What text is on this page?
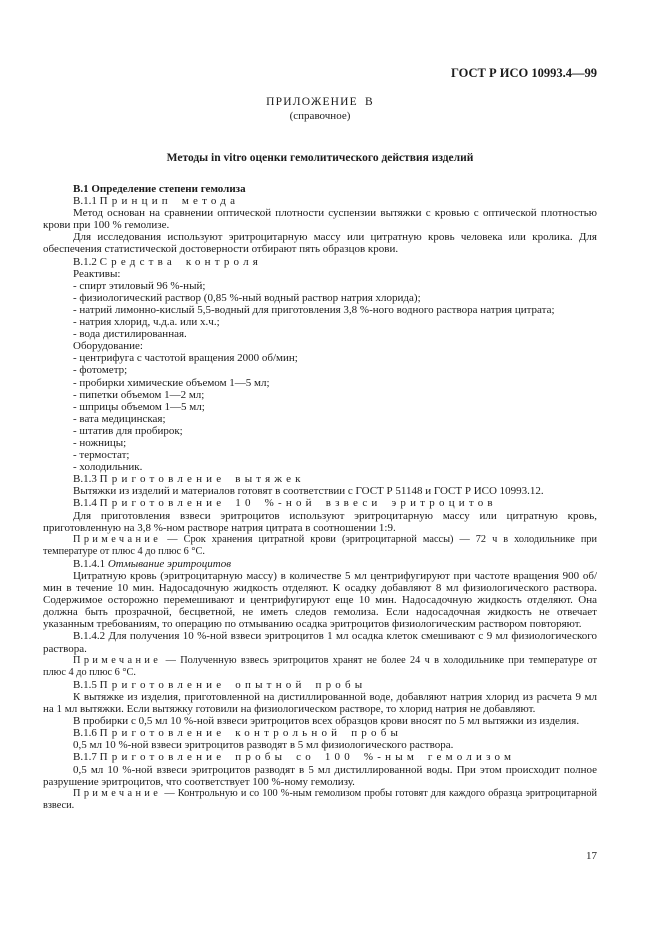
ГОСТ Р ИСО 10993.4—99
ПРИЛОЖЕНИЕ В
(справочное)
Методы in vitro оценки гемолитического действия изделий

В.1 Определение степени гемолиза

В.1.1 Принцип метода

Метод основан на сравнении оптической плотности суспензии вытяжки с кровью с оптической плотностью крови при 100 % гемолизе.

Для исследования используют эритроцитарную массу или цитратную кровь человека или кролика. Для обеспечения статистической достоверности отбирают пять образцов крови.

В.1.2 Средства контроля

Реактивы:

- спирт этиловый 96 %-ный;

- физиологический раствор (0,85 %-ный водный раствор натрия хлорида);

- натрий лимонно-кислый 5,5-водный для приготовления 3,8 %-ного водного раствора натрия цитрата;

- натрия хлорид, ч.д.а. или х.ч.;

- вода дистилированная.

Оборудование:

- центрифуга с частотой вращения 2000 об/мин;

- фотометр;

- пробирки химические объемом 1—5 мл;

- пипетки объемом 1—2 мл;

- шприцы объемом 1—5 мл;

- вата медицинская;

- штатив для пробирок;

- ножницы;

- термостат;

- холодильник.

В.1.3 Приготовление вытяжек

Вытяжки из изделий и материалов готовят в соответствии с ГОСТ Р 51148 и ГОСТ Р ИСО 10993.12.

В.1.4 Приготовление 10 %-ной взвеси эритроцитов

Для приготовления взвеси эритроцитов используют эритроцитарную массу или цитратную кровь, приготовленную на 3,8 %-ном растворе натрия цитрата в соотношении 1:9.

Примечание — Срок хранения цитратной крови (эритроцитарной массы) — 72 ч в холодильнике при температуре от плюс 4 до плюс 6 °С.

В.1.4.1 Отмывание эритроцитов

Цитратную кровь (эритроцитарную массу) в количестве 5 мл центрифугируют при частоте вращения 900 об/мин в течение 10 мин. Надосадочную жидкость отделяют. К осадку добавляют 8 мл физиологического раствора. Содержимое осторожно перемешивают и центрифугируют еще 10 мин. Надосадочную жидкость отделяют. Она должна быть прозрачной, бесцветной, не иметь следов гемолиза. Если надосадочная жидкость не отвечает указанным требованиям, то операцию по отмыванию осадка эритроцитов физиологическим раствором повторяют.

В.1.4.2 Для получения 10 %-ной взвеси эритроцитов 1 мл осадка клеток смешивают с 9 мл физиологического раствора.

Примечание — Полученную взвесь эритроцитов хранят не более 24 ч в холодильнике при температуре от плюс 4 до плюс 6 °С.

В.1.5 Приготовление опытной пробы

К вытяжке из изделия, приготовленной на дистиллированной воде, добавляют натрия хлорид из расчета 9 мл на 1 мл вытяжки. Если вытяжку готовили на физиологическом растворе, то хлорид натрия не добавляют.

В пробирки с 0,5 мл 10 %-ной взвеси эритроцитов всех образцов крови вносят по 5 мл вытяжки из изделия.

В.1.6 Приготовление контрольной пробы

0,5 мл 10 %-ной взвеси эритроцитов разводят в 5 мл физиологического раствора.

В.1.7 Приготовление пробы со 100 %-ным гемолизом

0,5 мл 10 %-ной взвеси эритроцитов разводят в 5 мл дистиллированной воды. При этом происходит полное разрушение эритроцитов, что соответствует 100 %-ному гемолизу.

Примечание — Контрольную и со 100 %-ным гемолизом пробы готовят для каждого образца эритроцитарной взвеси.

17
